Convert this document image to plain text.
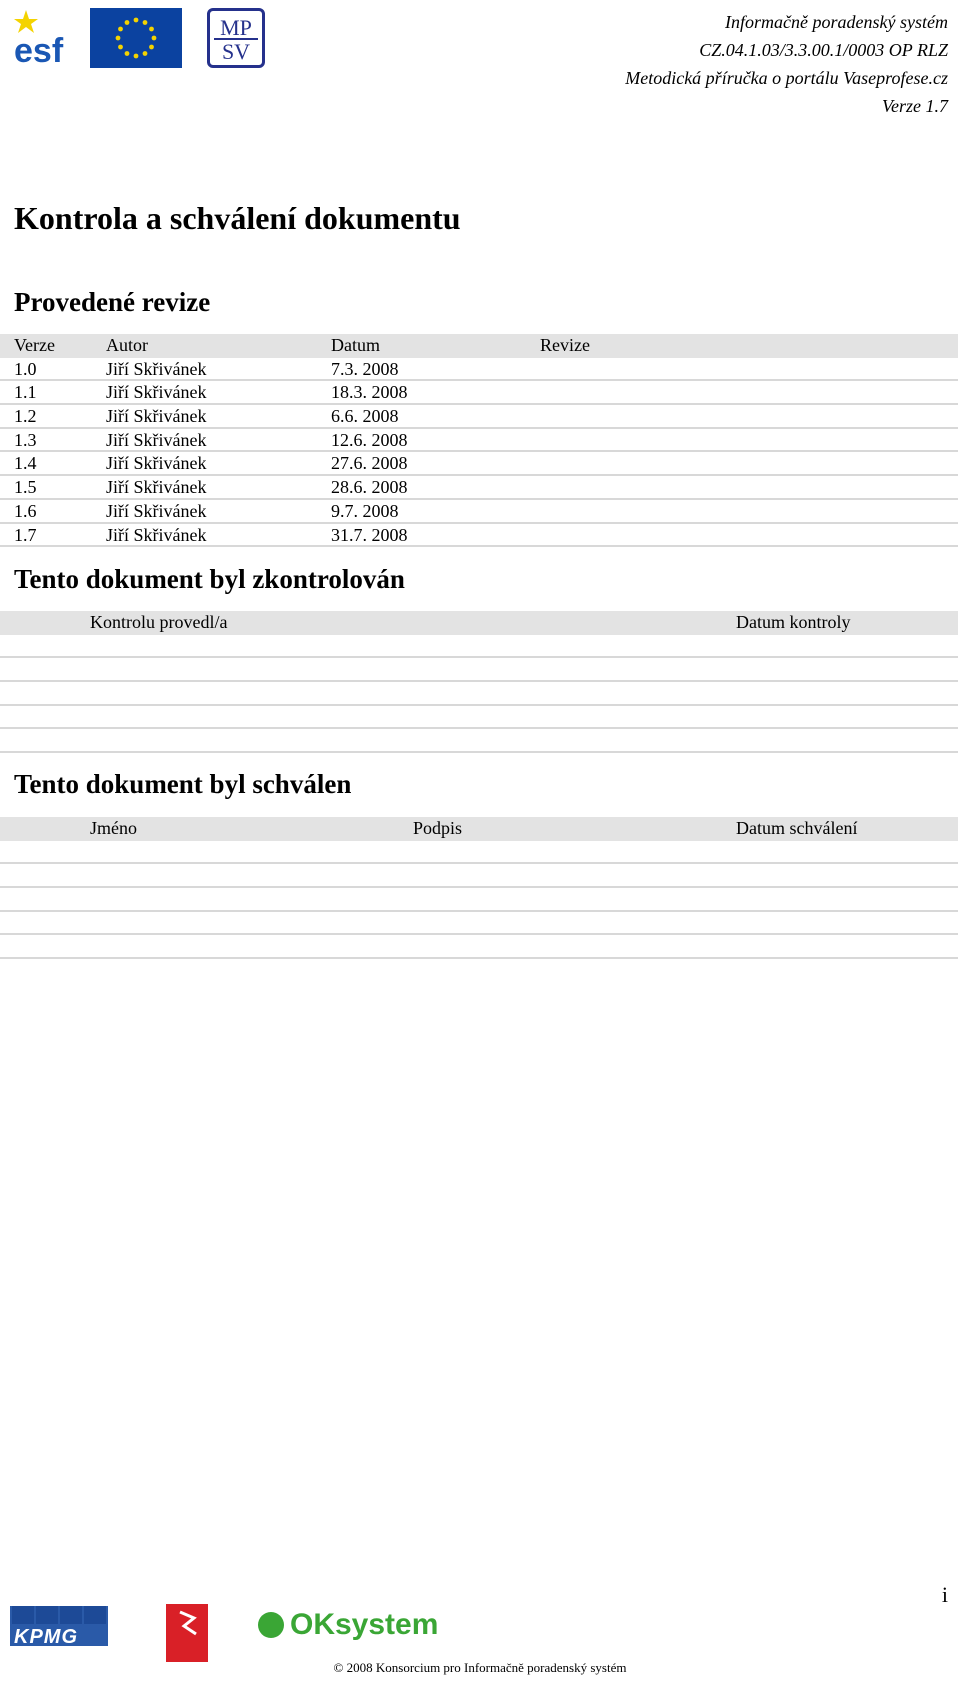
esf
MP
SV
Informačně poradenský systém
CZ.04.1.03/3.3.00.1/0003 OP RLZ
Metodická příručka o portálu Vaseprofese.cz
Verze 1.7
Kontrola a schválení dokumentu
Provedené revize
Verze	Autor	Datum	Revize
1.0	Jiří Skřivánek	7.3. 2008
1.1	Jiří Skřivánek	18.3. 2008
1.2	Jiří Skřivánek	6.6. 2008
1.3	Jiří Skřivánek	12.6. 2008
1.4	Jiří Skřivánek	27.6. 2008
1.5	Jiří Skřivánek	28.6. 2008
1.6	Jiří Skřivánek	9.7. 2008
1.7	Jiří Skřivánek	31.7. 2008
Tento dokument byl zkontrolován
Kontrolu provedl/a	Datum kontroly
Tento dokument byl schválen
Jméno	Podpis	Datum schválení
i
KPMG
Gopas
OKsystem
© 2008 Konsorcium pro Informačně poradenský systém
